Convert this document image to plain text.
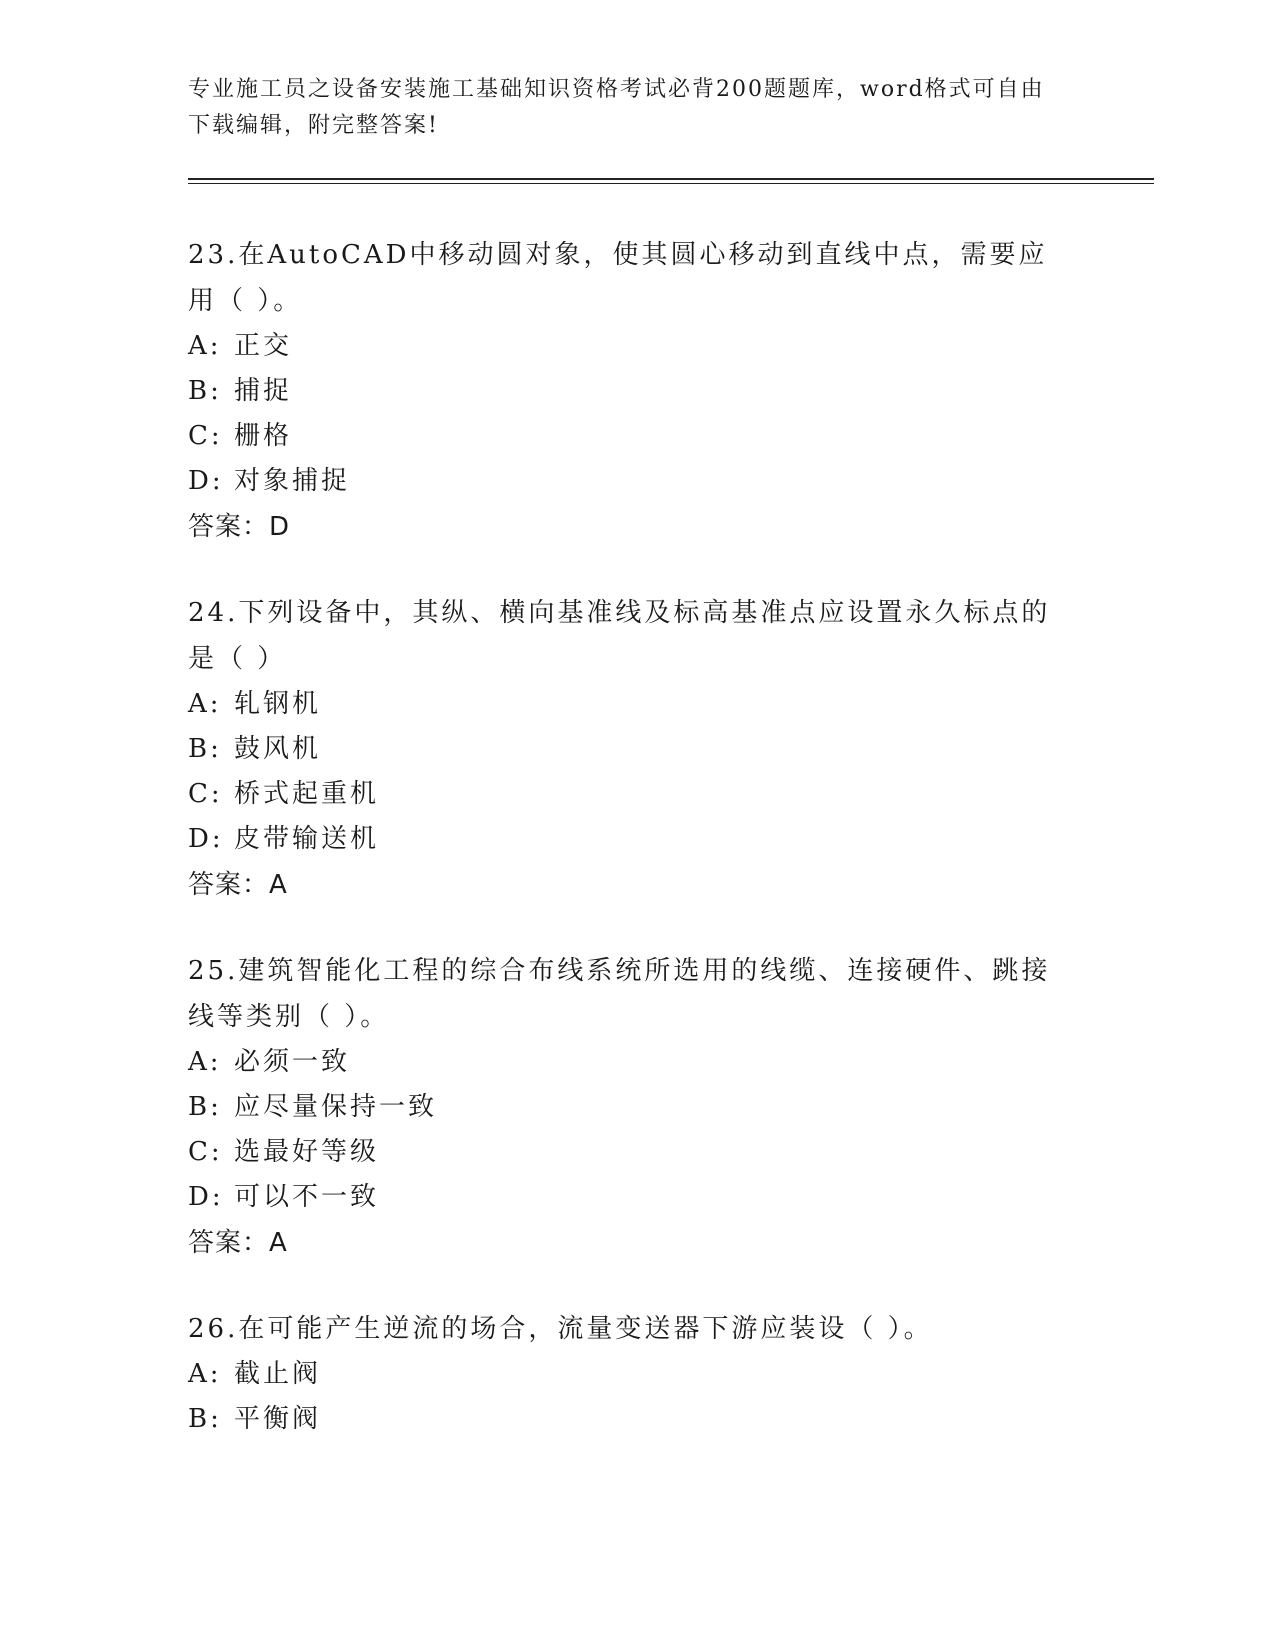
专业施工员之设备安装施工基础知识资格考试必背200题题库，word格式可自由下载编辑，附完整答案!
23.在AutoCAD中移动圆对象，使其圆心移动到直线中点，需要应用（ ）。
A: 正交
B: 捕捉
C: 栅格
D: 对象捕捉
答案：D
24.下列设备中，其纵、横向基准线及标高基准点应设置永久标点的是（ ）
A: 轧钢机
B: 鼓风机
C: 桥式起重机
D: 皮带输送机
答案：A
25.建筑智能化工程的综合布线系统所选用的线缆、连接硬件、跳接线等类别（ ）。
A: 必须一致
B: 应尽量保持一致
C: 选最好等级
D: 可以不一致
答案：A
26.在可能产生逆流的场合，流量变送器下游应装设（ ）。
A: 截止阀
B: 平衡阀
